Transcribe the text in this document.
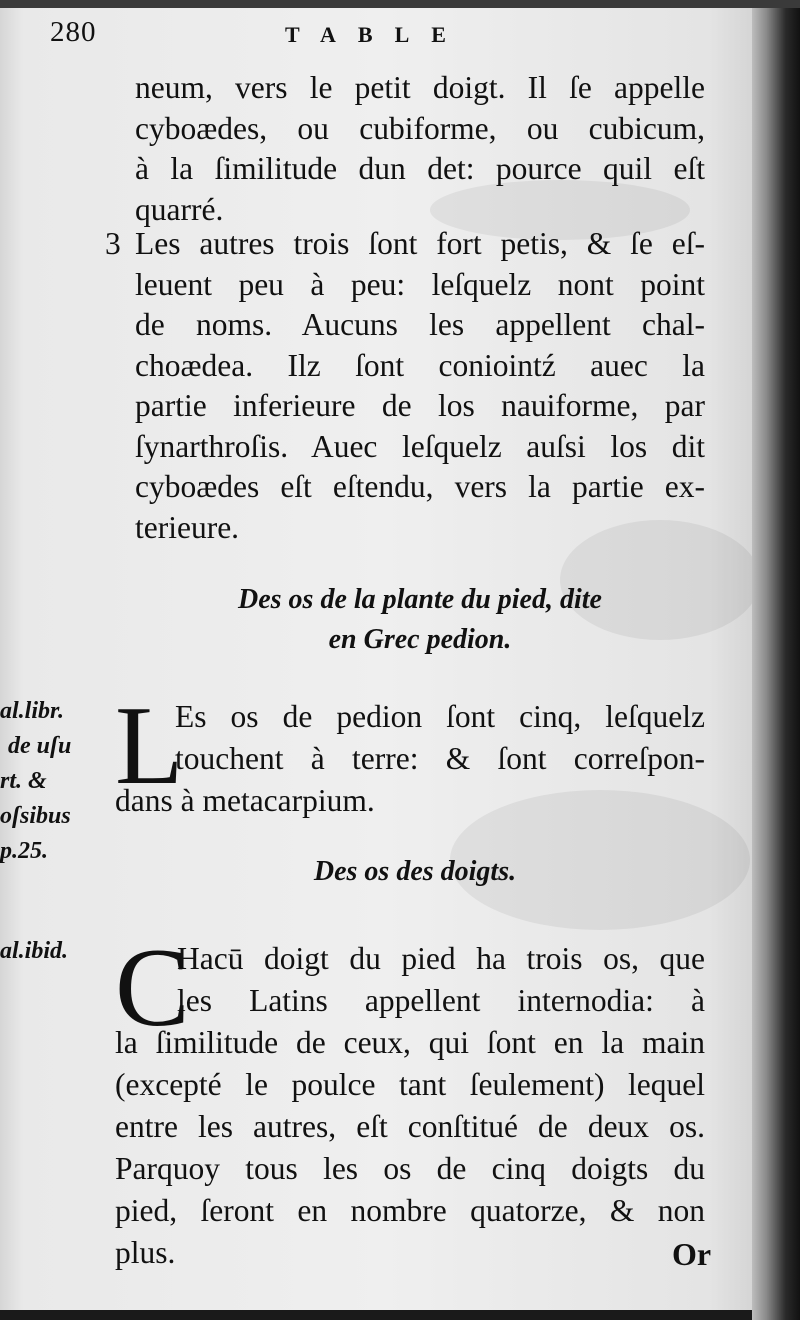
280	TABLE
neum, vers le petit doigt. Il ſe appelle
cyboædes, ou cubiforme, ou cubicum,
à la ſimilitude dun det: pource quil eſt
quarré.
3 Les autres trois ſont fort petis, & ſe eſ-
leuent peu à peu: leſquelz nont point
de noms. Aucuns les appellent chal-
choædea. Ilz ſont coniointź auec la
partie inferieure de los nauiforme, par
ſynarthroſis. Auec leſquelz auſsi los dit
cyboædes eſt eſtendu, vers la partie ex-
terieure.
Des os de la plante du pied, dite
en Grec pedion.
al.libr.
de uſu
rt. &
oſsibus
p.25.
L
Es os de pedion ſont cinq, leſquelz
touchent à terre: & ſont correſpon-
dans à metacarpium.
Des os des doigts.
al.ibid. C
Hacū doigt du pied ha trois os, que
les Latins appellent internodia: à
la ſimilitude de ceux, qui ſont en la main
(excepté le poulce tant ſeulement) lequel
entre les autres, eſt conſtitué de deux os.
Parquoy tous les os de cinq doigts du
pied, ſeront en nombre quatorze, & non
plus.	Or
